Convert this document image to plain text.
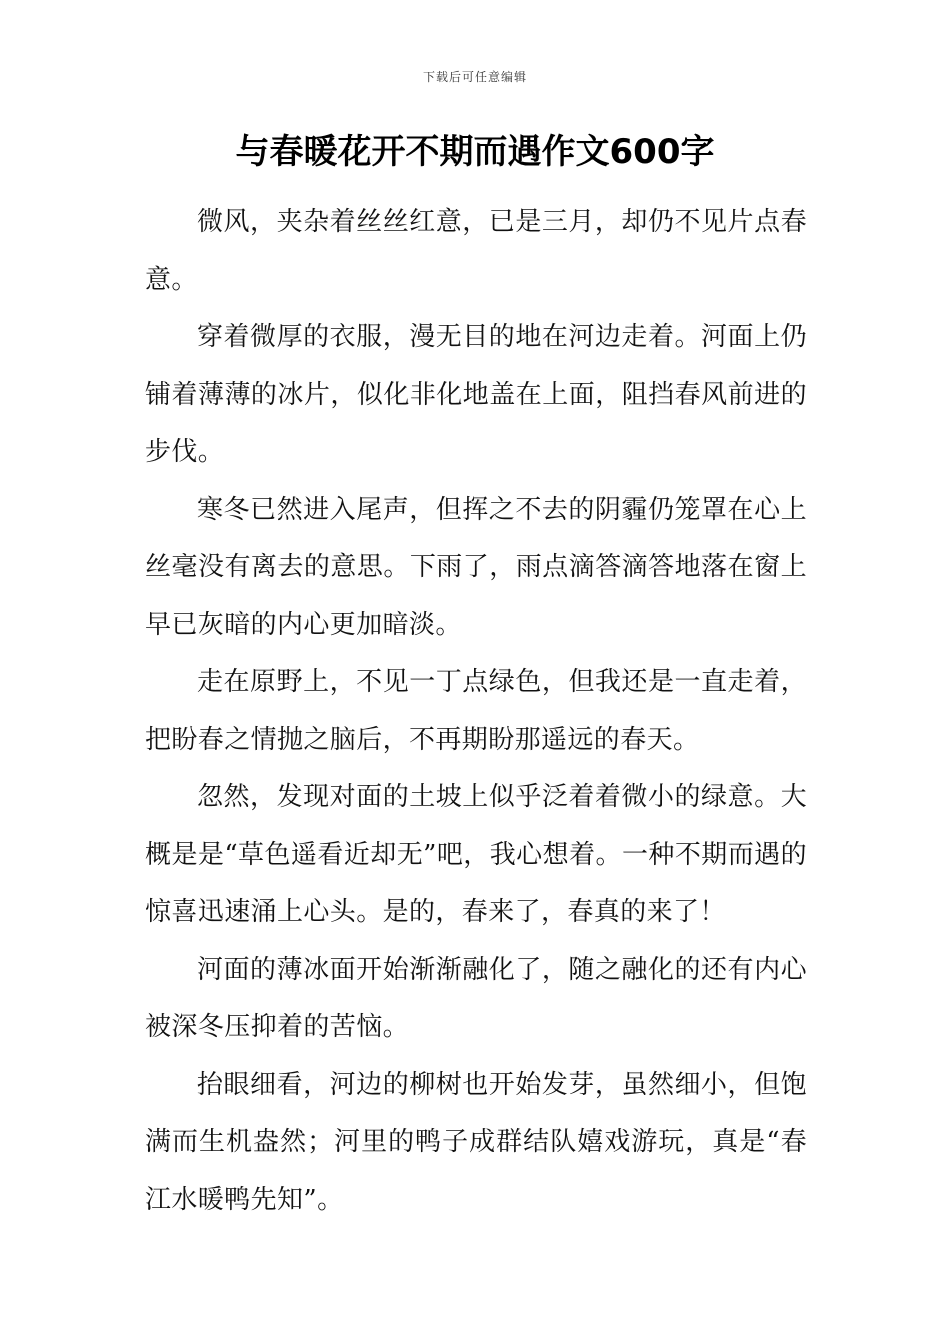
下载后可任意编辑
与春暖花开不期而遇作文600字

微风，夹杂着丝丝红意，已是三月，却仍不见片点春意。

穿着微厚的衣服，漫无目的地在河边走着。河面上仍铺着薄薄的冰片，似化非化地盖在上面，阻挡春风前进的步伐。

寒冬已然进入尾声，但挥之不去的阴霾仍笼罩在心上丝毫没有离去的意思。下雨了，雨点滴答滴答地落在窗上早已灰暗的内心更加暗淡。

走在原野上，不见一丁点绿色，但我还是一直走着，把盼春之情抛之脑后，不再期盼那遥远的春天。

忽然，发现对面的土坡上似乎泛着着微小的绿意。大概是是“草色遥看近却无”吧，我心想着。一种不期而遇的惊喜迅速涌上心头。是的，春来了，春真的来了！

河面的薄冰面开始渐渐融化了，随之融化的还有内心被深冬压抑着的苦恼。

抬眼细看，河边的柳树也开始发芽，虽然细小，但饱满而生机盎然；河里的鸭子成群结队嬉戏游玩，真是“春江水暖鸭先知”。
